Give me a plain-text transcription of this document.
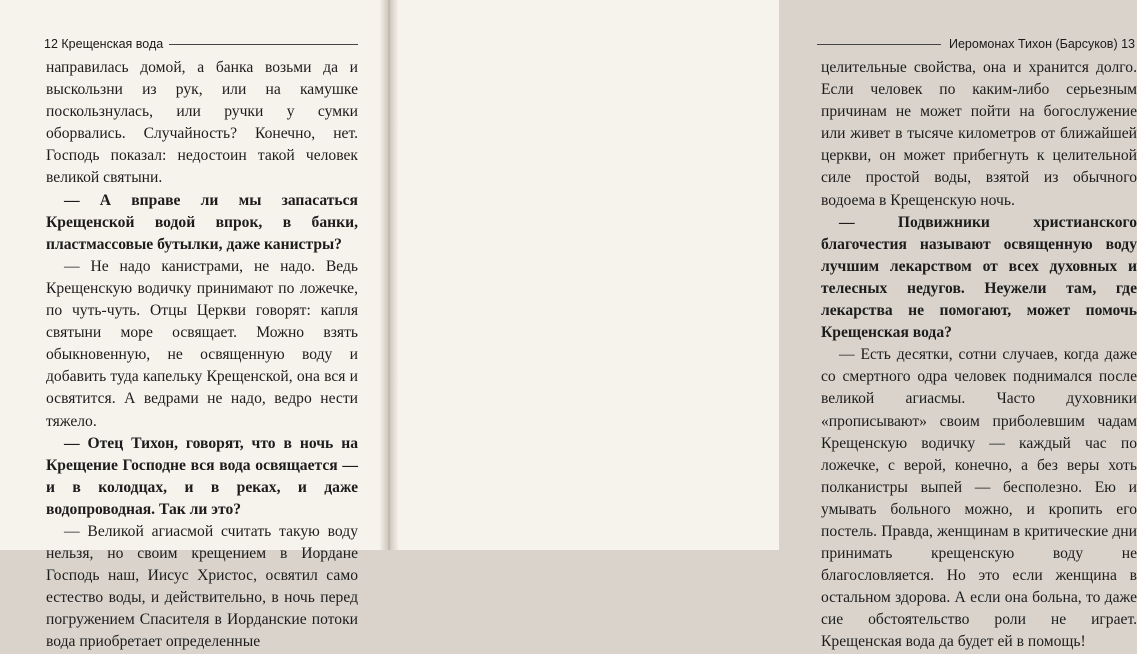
12
Крещенская вода

направилась домой, а банка возьми да и выскользни из рук, или на камушке поскользнулась, или ручки у сумки оборвались. Случайность? Конечно, нет. Господь показал: недостоин такой человек великой святыни.

— А вправе ли мы запасаться Крещенской водой впрок, в банки, пластмассовые бутылки, даже канистры?

— Не надо канистрами, не надо. Ведь Крещенскую водичку принимают по ложечке, по чуть-чуть. Отцы Церкви говорят: капля святыни море освящает. Можно взять обыкновенную, не освященную воду и добавить туда капельку Крещенской, она вся и освятится. А ведрами не надо, ведро нести тяжело.

— Отец Тихон, говорят, что в ночь на Крещение Господне вся вода освящается — и в колодцах, и в реках, и даже водопроводная. Так ли это?

— Великой агиасмой считать такую воду нельзя, но своим крещением в Иордане Господь наш, Иисус Христос, освятил само естество воды, и действительно, в ночь перед погружением Спасителя в Иорданские потоки вода приобретает определенные

Иеромонах Тихон (Барсуков)
13

целительные свойства, она и хранится долго. Если человек по каким-либо серьезным причинам не может пойти на богослужение или живет в тысяче километров от ближайшей церкви, он может прибегнуть к целительной силе простой воды, взятой из обычного водоема в Крещенскую ночь.

— Подвижники христианского благочестия называют освященную воду лучшим лекарством от всех духовных и телесных недугов. Неужели там, где лекарства не помогают, может помочь Крещенская вода?

— Есть десятки, сотни случаев, когда даже со смертного одра человек поднимался после великой агиасмы. Часто духовники «прописывают» своим приболевшим чадам Крещенскую водичку — каждый час по ложечке, с верой, конечно, а без веры хоть полканистры выпей — бесполезно. Ею и умывать больного можно, и кропить его постель. Правда, женщинам в критические дни принимать крещенскую воду не благословляется. Но это если женщина в остальном здорова. А если она больна, то даже сие обстоятельство роли не играет. Крещенская вода да будет ей в помощь!
